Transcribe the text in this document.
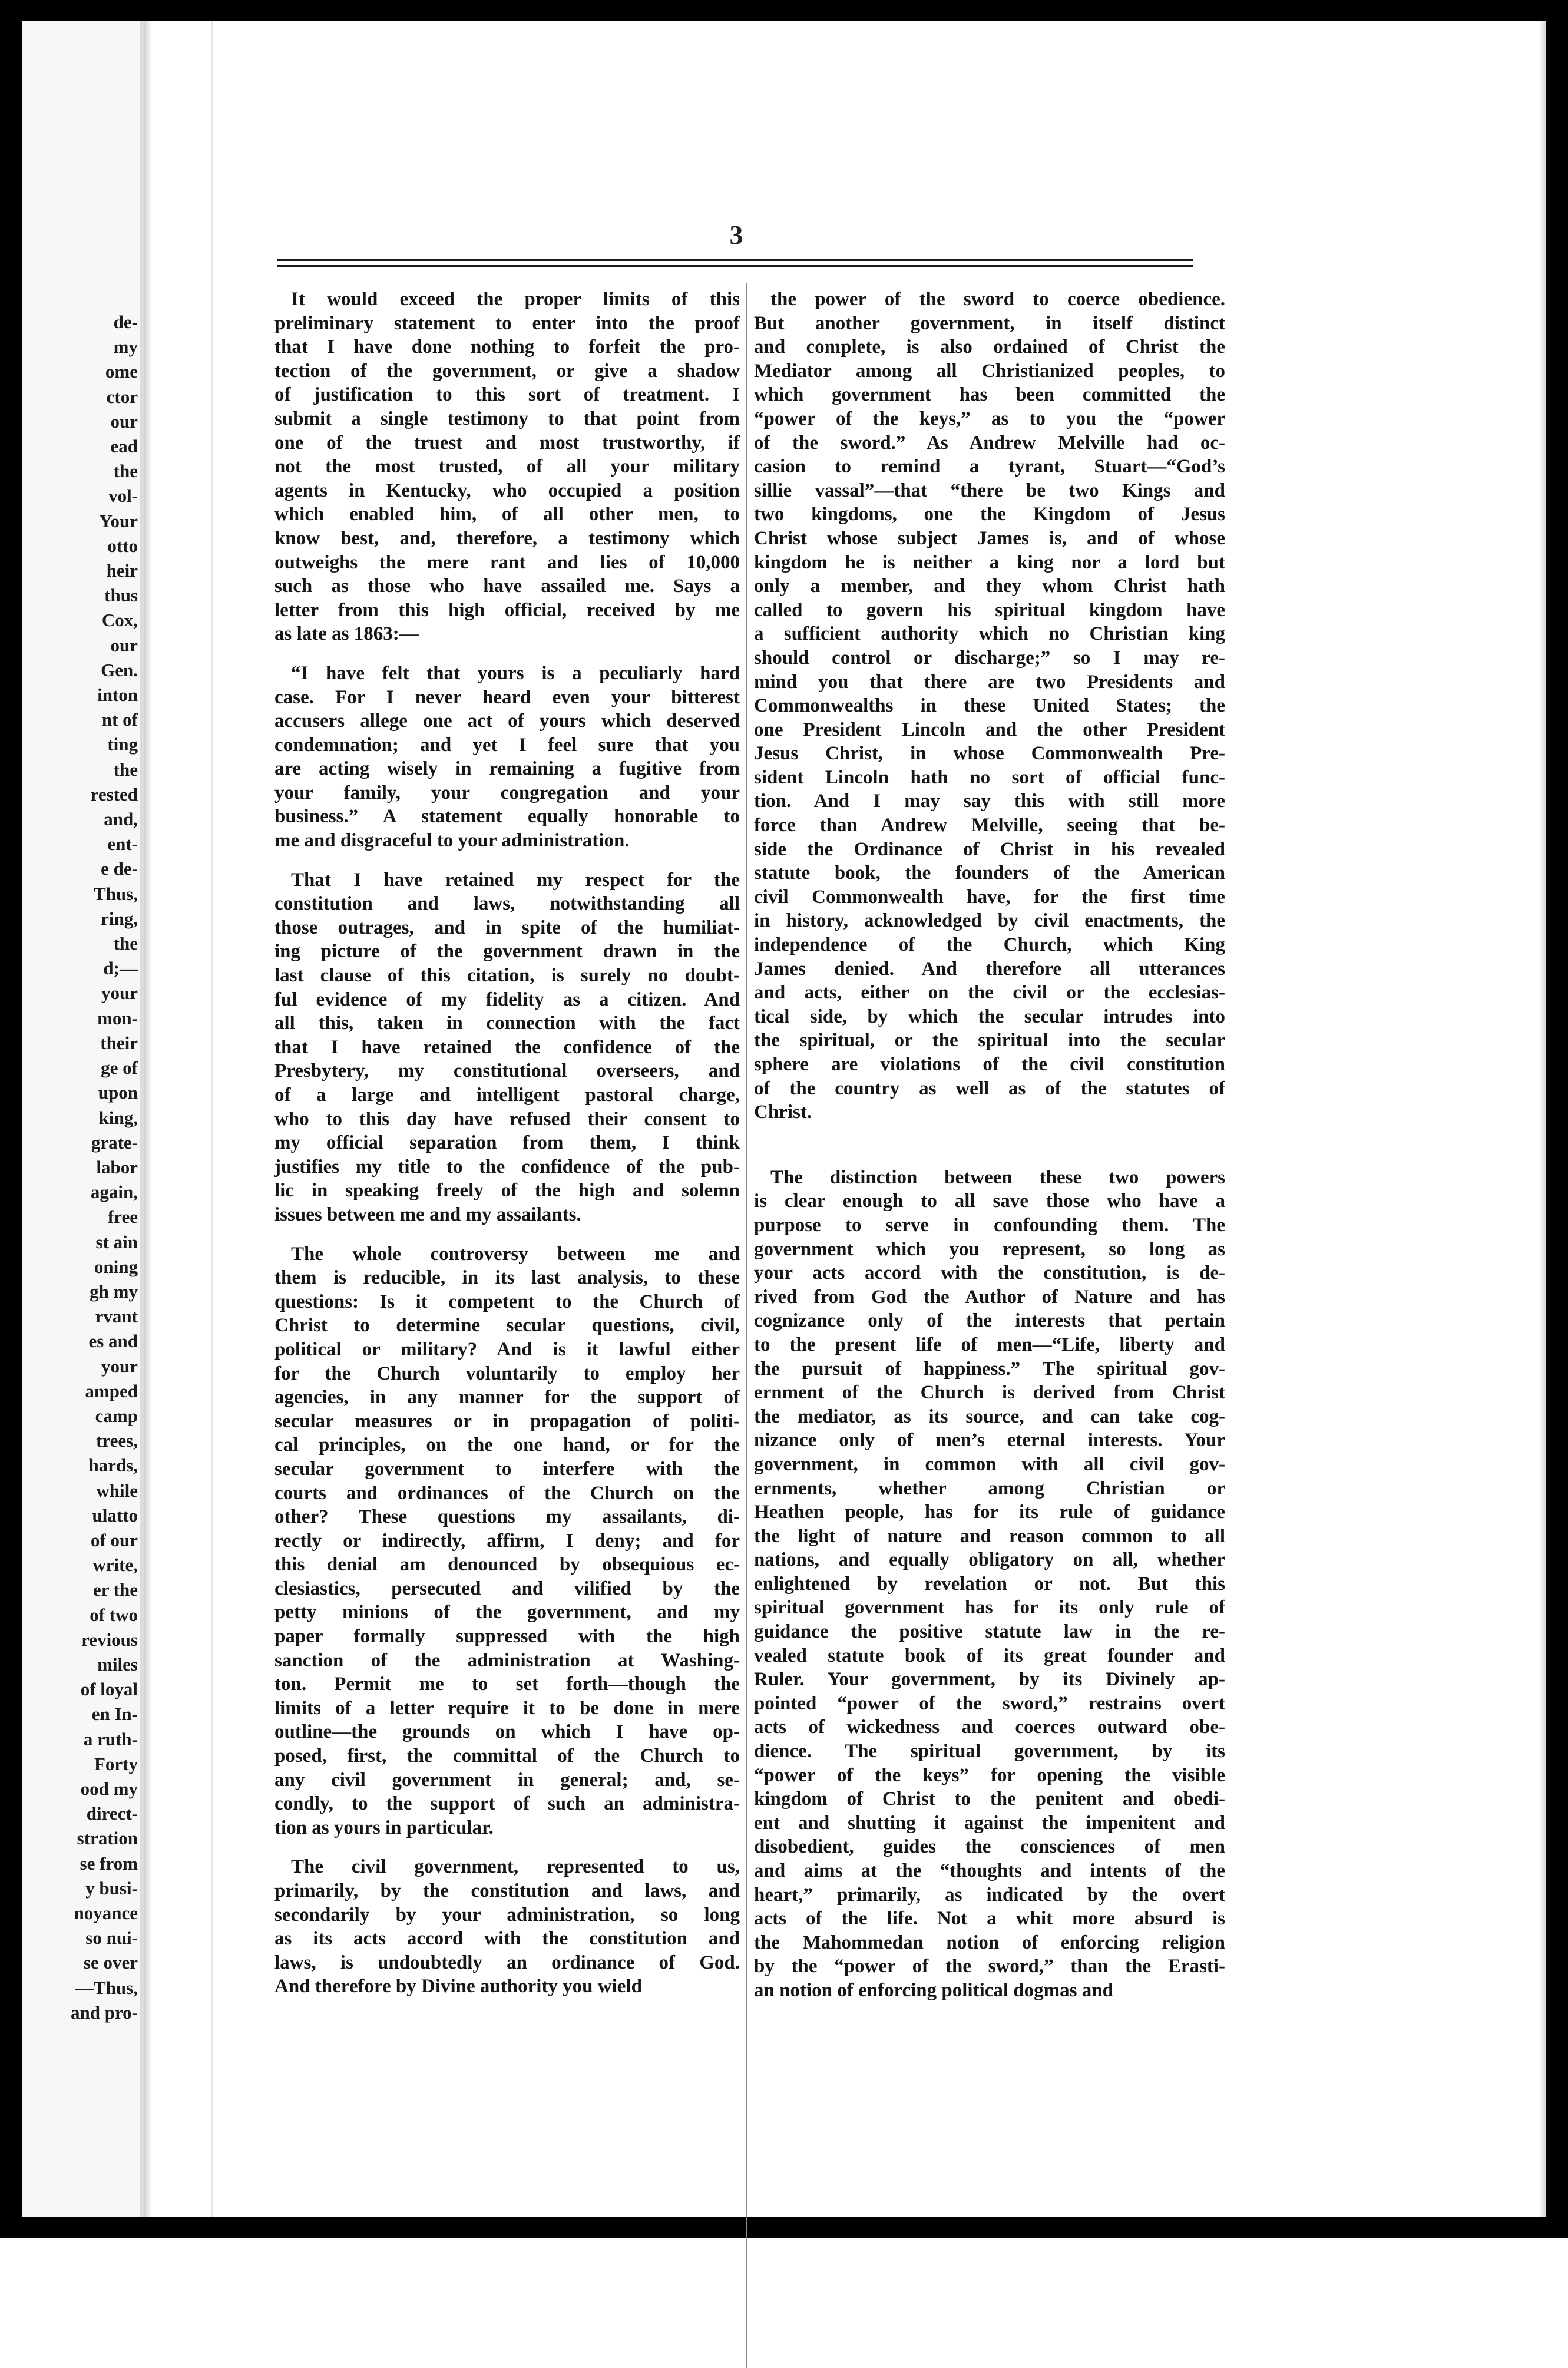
de-
my
ome
ctor
our
ead
the
vol-
Your
otto
heir
thus
Cox,
our
Gen.
inton
nt of
ting
the
rested
and,
ent-
e de-
Thus,
ring,
the
d;—
your
mon-
their
ge of
upon
king,
grate-
labor
again,
free
st ain
oning
gh my
rvant
es and
your
amped
camp
trees,
hards,
while
ulatto
of our
write,
er the
of two
revious
miles
of loyal
en In-
a ruth-
Forty
ood my
direct-
stration
se from
y busi-
noyance
so nui-
se over
—Thus,
and pro-
3
It would exceed the proper limits of this
preliminary statement to enter into the proof
that I have done nothing to forfeit the pro-
tection of the government, or give a shadow
of justification to this sort of treatment. I
submit a single testimony to that point from
one of the truest and most trustworthy, if
not the most trusted, of all your military
agents in Kentucky, who occupied a position
which enabled him, of all other men, to
know best, and, therefore, a testimony which
outweighs the mere rant and lies of 10,000
such as those who have assailed me. Says a
letter from this high official, received by me
as late as 1863:—
“I have felt that yours is a peculiarly hard
case. For I never heard even your bitterest
accusers allege one act of yours which deserved
condemnation; and yet I feel sure that you
are acting wisely in remaining a fugitive from
your family, your congregation and your
business.” A statement equally honorable to
me and disgraceful to your administration.
That I have retained my respect for the
constitution and laws, notwithstanding all
those outrages, and in spite of the humiliat-
ing picture of the government drawn in the
last clause of this citation, is surely no doubt-
ful evidence of my fidelity as a citizen. And
all this, taken in connection with the fact
that I have retained the confidence of the
Presbytery, my constitutional overseers, and
of a large and intelligent pastoral charge,
who to this day have refused their consent to
my official separation from them, I think
justifies my title to the confidence of the pub-
lic in speaking freely of the high and solemn
issues between me and my assailants.
The whole controversy between me and
them is reducible, in its last analysis, to these
questions: Is it competent to the Church of
Christ to determine secular questions, civil,
political or military? And is it lawful either
for the Church voluntarily to employ her
agencies, in any manner for the support of
secular measures or in propagation of politi-
cal principles, on the one hand, or for the
secular government to interfere with the
courts and ordinances of the Church on the
other? These questions my assailants, di-
rectly or indirectly, affirm, I deny; and for
this denial am denounced by obsequious ec-
clesiastics, persecuted and vilified by the
petty minions of the government, and my
paper formally suppressed with the high
sanction of the administration at Washing-
ton. Permit me to set forth—though the
limits of a letter require it to be done in mere
outline—the grounds on which I have op-
posed, first, the committal of the Church to
any civil government in general; and, se-
condly, to the support of such an administra-
tion as yours in particular.
The civil government, represented to us,
primarily, by the constitution and laws, and
secondarily by your administration, so long
as its acts accord with the constitution and
laws, is undoubtedly an ordinance of God.
And therefore by Divine authority you wield
the power of the sword to coerce obedience.
But another government, in itself distinct
and complete, is also ordained of Christ the
Mediator among all Christianized peoples, to
which government has been committed the
“power of the keys,” as to you the “power
of the sword.” As Andrew Melville had oc-
casion to remind a tyrant, Stuart—“God’s
sillie vassal”—that “there be two Kings and
two kingdoms, one the Kingdom of Jesus
Christ whose subject James is, and of whose
kingdom he is neither a king nor a lord but
only a member, and they whom Christ hath
called to govern his spiritual kingdom have
a sufficient authority which no Christian king
should control or discharge;” so I may re-
mind you that there are two Presidents and
Commonwealths in these United States; the
one President Lincoln and the other President
Jesus Christ, in whose Commonwealth Pre-
sident Lincoln hath no sort of official func-
tion. And I may say this with still more
force than Andrew Melville, seeing that be-
side the Ordinance of Christ in his revealed
statute book, the founders of the American
civil Commonwealth have, for the first time
in history, acknowledged by civil enactments, the
independence of the Church, which King
James denied. And therefore all utterances
and acts, either on the civil or the ecclesias-
tical side, by which the secular intrudes into
the spiritual, or the spiritual into the secular
sphere are violations of the civil constitution
of the country as well as of the statutes of
Christ.
The distinction between these two powers
is clear enough to all save those who have a
purpose to serve in confounding them. The
government which you represent, so long as
your acts accord with the constitution, is de-
rived from God the Author of Nature and has
cognizance only of the interests that pertain
to the present life of men—“Life, liberty and
the pursuit of happiness.” The spiritual gov-
ernment of the Church is derived from Christ
the mediator, as its source, and can take cog-
nizance only of men’s eternal interests. Your
government, in common with all civil gov-
ernments, whether among Christian or
Heathen people, has for its rule of guidance
the light of nature and reason common to all
nations, and equally obligatory on all, whether
enlightened by revelation or not. But this
spiritual government has for its only rule of
guidance the positive statute law in the re-
vealed statute book of its great founder and
Ruler. Your government, by its Divinely ap-
pointed “power of the sword,” restrains overt
acts of wickedness and coerces outward obe-
dience. The spiritual government, by its
“power of the keys” for opening the visible
kingdom of Christ to the penitent and obedi-
ent and shutting it against the impenitent and
disobedient, guides the consciences of men
and aims at the “thoughts and intents of the
heart,” primarily, as indicated by the overt
acts of the life. Not a whit more absurd is
the Mahommedan notion of enforcing religion
by the “power of the sword,” than the Erasti-
an notion of enforcing political dogmas and
